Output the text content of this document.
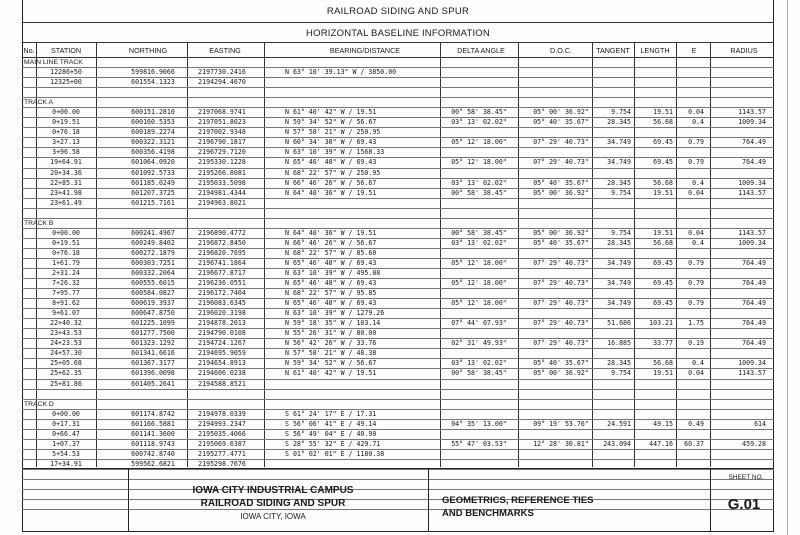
RAILROAD SIDING AND SPUR
HORIZONTAL BASELINE INFORMATION
No.	STATION	NORTHING	EASTING	BEARING/DISTANCE	DELTA ANGLE	D.O.C.	TANGENT	LENGTH	E	RADIUS
MAIN LINE TRACK
12286+50	599816.9066	2197730.2416	N 63° 10' 39.13" W / 3850.00
12325+00	601554.1323	2194294.4670
TRACK A
0+00.00	600151.2810	2197068.9741	N 61° 40' 42" W / 19.51	00° 58' 38.45"	05° 00' 36.92"	9.754	19.51	0.04	1143.57
0+19.51	600160.5353	2197051.8023	N 59° 34' 52" W / 56.67	03° 13' 02.02"	05° 40' 35.67"	28.345	56.68	0.4	1009.34
0+76.18	600189.2274	2197002.9348	N 57° 58' 21" W / 250.95
3+27.13	600322.3121	2196790.1817	N 60° 34' 30" W / 69.43	05° 12' 18.00"	07° 29' 40.73"	34.749	69.45	0.79	764.49
3+96.58	600356.4198	2196729.7120	N 63° 10' 39" W / 1568.33
19+64.91	601064.0920	2195330.1228	N 65° 46' 48" W / 69.43	05° 12' 18.00"	07° 29' 40.73"	34.749	69.45	0.79	764.49
20+34.36	601092.5733	2195266.8081	N 68° 22' 57" W / 250.95
22+85.31	601185.0249	2195033.5098	N 66° 46' 26" W / 56.67	03° 13' 02.02"	05° 40' 35.67"	28.345	56.68	0.4	1009.34
23+41.98	601207.3725	2194981.4344	N 64° 40' 36" W / 19.51	00° 58' 38.45"	05° 00' 36.92"	9.754	19.51	0.04	1143.57
23+61.49	601215.7161	2194963.8021
TRACK B
0+00.00	600241.4967	2196890.4772	N 64° 40' 36" W / 19.51	00° 58' 38.45"	05° 00' 36.92"	9.754	19.51	0.04	1143.57
0+19.51	600249.8402	2196872.8450	N 66° 46' 26" W / 56.67	03° 13' 02.02"	05° 40' 35.67"	28.345	56.68	0.4	1009.34
0+76.18	600272.1879	2196820.7695	N 68° 22' 57" W / 85.60
1+61.79	600303.7251	2196741.1864	N 65° 46' 48" W / 69.43	05° 12' 18.00"	07° 29' 40.73"	34.749	69.45	0.79	764.49
2+31.24	600332.2064	2196677.8717	N 63° 10' 39" W / 495.08
7+26.32	600555.6015	2196236.0551	N 65° 46' 48" W / 69.43	05° 12' 18.00"	07° 29' 40.73"	34.749	69.45	0.79	764.49
7+95.77	600584.0827	2196172.7404	N 68° 22' 57" W / 95.85
8+91.62	600619.3937	2196083.6345	N 65° 46' 48" W / 69.43	05° 12' 18.00"	07° 29' 40.73"	34.749	69.45	0.79	764.49
9+61.07	600647.8750	2196020.3198	N 63° 10' 39" W / 1279.26
22+40.32	601225.1099	2194878.2013	N 59° 18' 35" W / 103.14	07° 44' 07.93"	07° 29' 40.73"	51.686	103.21	1.75	764.49
23+43.53	601277.7500	2194790.0108	N 55° 26' 31" W / 80.00
24+23.53	601323.1292	2194724.1267	N 56° 42' 26" W / 33.76	02° 31' 49.93"	07° 29' 40.73"	16.885	33.77	0.19	764.49
24+57.30	601341.6616	2194695.9059	N 57° 58' 21" W / 48.38
25+05.68	601367.3177	2194654.8913	N 59° 34' 52" W / 56.67	03° 13' 02.02"	05° 40' 35.67"	28.345	56.68	0.4	1009.34
25+62.35	601396.0098	2194606.0238	N 61° 40' 42" W / 19.51	00° 58' 38.45"	05° 00' 36.92"	9.754	19.51	0.04	1143.57
25+81.86	601405.2641	2194588.8521
TRACK D
0+00.00	601174.8742	2194978.0339	S 61° 24' 17" E / 17.31
0+17.31	601166.5881	2194993.2347	S 56° 06' 41" E / 49.14	04° 35' 13.00"	09° 19' 53.76"	24.591	49.15	0.49	614
0+66.47	601141.3600	2195035.4066	S 56° 49' 04" E / 40.90
1+07.37	601118.9743	2195069.6387	S 28° 55' 32" E / 429.71	55° 47' 03.53"	12° 28' 30.81"	243.094	447.16	60.37	459.28
5+54.53	600742.8740	2195277.4771	S 01° 02' 01" E / 1180.38
17+34.91	599562.6821	2195298.7676
IOWA CITY INDUSTRIAL CAMPUS
RAILROAD SIDING AND SPUR
IOWA CITY, IOWA
GEOMETRICS, REFERENCE TIES
AND BENCHMARKS
SHEET NO.
G.01
